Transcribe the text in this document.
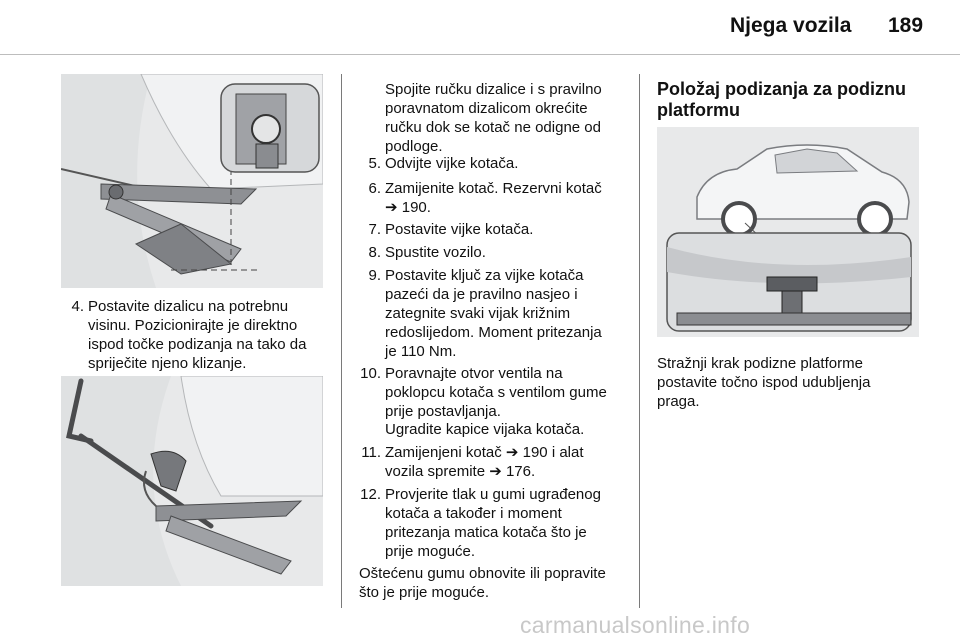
Njega vozila 189
4. Postavite dizalicu na potrebnu
visinu. Pozicionirajte je direktno
ispod točke podizanja na tako da
spriječite njeno klizanje.
Spojite ručku dizalice i s pravilno
poravnatom dizalicom okrećite
ručku dok se kotač ne odigne od
podloge.
5. Odvijte vijke kotača.
6. Zamijenite kotač. Rezervni kotač
➔ 190.
7. Postavite vijke kotača.
8. Spustite vozilo.
9. Postavite ključ za vijke kotača
pazeći da je pravilno nasjeo i
zategnite svaki vijak križnim
redoslijedom. Moment pritezanja
je 110 Nm.
10. Poravnajte otvor ventila na
poklopcu kotača s ventilom gume
prije postavljanja.
Ugradite kapice vijaka kotača.
11. Zamijenjeni kotač ➔ 190 i alat
vozila spremite ➔ 176.
12. Provjerite tlak u gumi ugrađenog
kotača a također i moment
pritezanja matica kotača što je
prije moguće.
Oštećenu gumu obnovite ili popravite
što je prije moguće.
Položaj podizanja za podiznu
platformu
Stražnji krak podizne platforme
postavite točno ispod udubljenja
praga.
carmanualsonline.info
